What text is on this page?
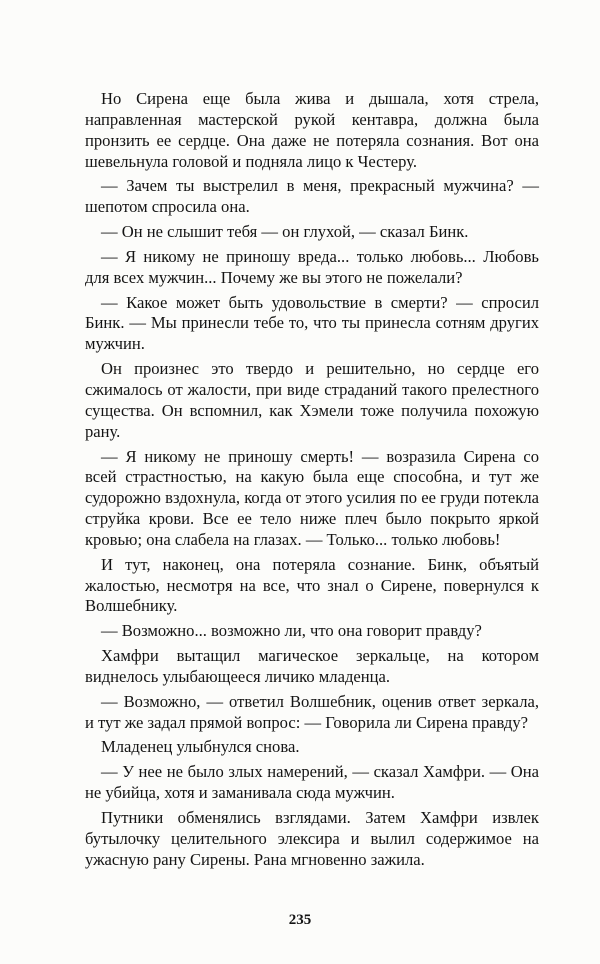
Но Сирена еще была жива и дышала, хотя стрела, направленная мастерской рукой кентавра, должна была пронзить ее сердце. Она даже не потеряла сознания. Вот она шевельнула головой и подняла лицо к Честеру.

— Зачем ты выстрелил в меня, прекрасный мужчина? — шепотом спросила она.

— Он не слышит тебя — он глухой, — сказал Бинк.

— Я никому не приношу вреда... только любовь... Любовь для всех мужчин... Почему же вы этого не пожелали?

— Какое может быть удовольствие в смерти? — спросил Бинк. — Мы принесли тебе то, что ты принесла сотням других мужчин.

Он произнес это твердо и решительно, но сердце его сжималось от жалости, при виде страданий такого прелестного существа. Он вспомнил, как Хэмели тоже получила похожую рану.

— Я никому не приношу смерть! — возразила Сирена со всей страстностью, на какую была еще способна, и тут же судорожно вздохнула, когда от этого усилия по ее груди потекла струйка крови. Все ее тело ниже плеч было покрыто яркой кровью; она слабела на глазах. — Только... только любовь!

И тут, наконец, она потеряла сознание. Бинк, объятый жалостью, несмотря на все, что знал о Сирене, повернулся к Волшебнику.

— Возможно... возможно ли, что она говорит правду?

Хамфри вытащил магическое зеркальце, на котором виднелось улыбающееся личико младенца.

— Возможно, — ответил Волшебник, оценив ответ зеркала, и тут же задал прямой вопрос: — Говорила ли Сирена правду?

Младенец улыбнулся снова.

— У нее не было злых намерений, — сказал Хамфри. — Она не убийца, хотя и заманивала сюда мужчин.

Путники обменялись взглядами. Затем Хамфри извлек бутылочку целительного элексира и вылил содержимое на ужасную рану Сирены. Рана мгновенно зажила.

235
